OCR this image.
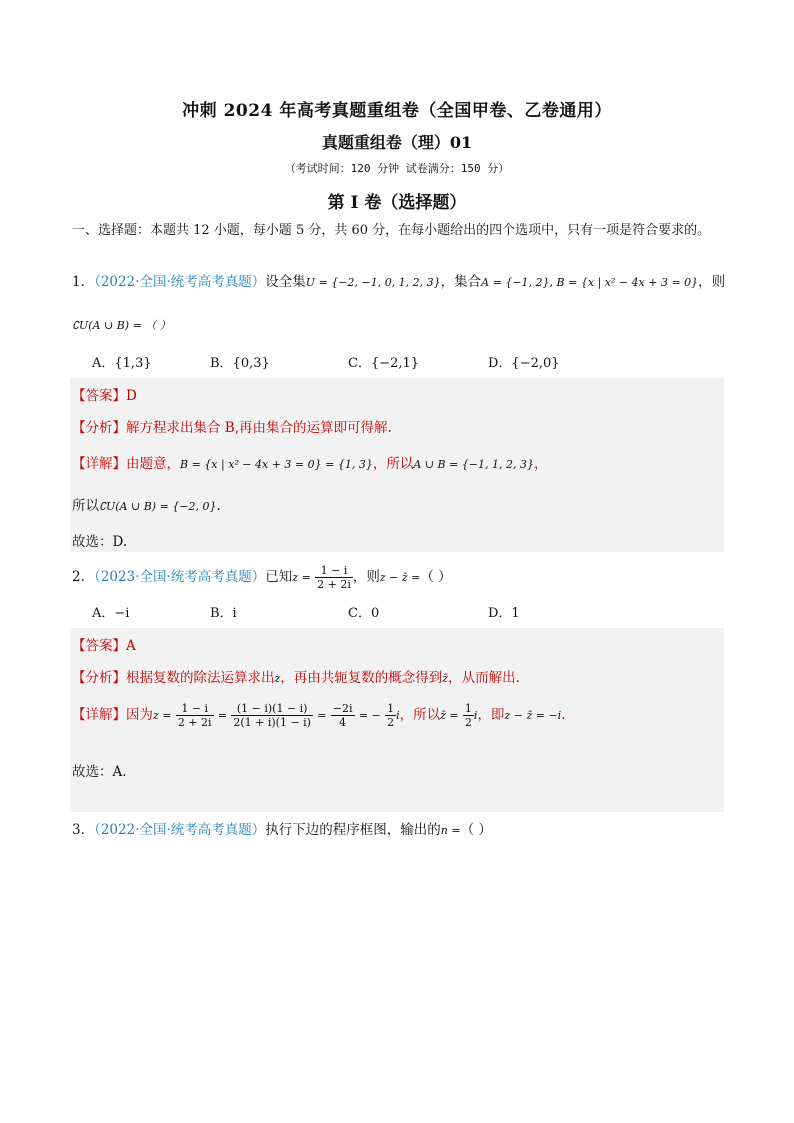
冲刺 2024 年高考真题重组卷（全国甲卷、乙卷通用）
真题重组卷（理）01
（考试时间：120 分钟 试卷满分：150 分）
第 I 卷（选择题）
一、选择题：本题共 12 小题，每小题 5 分，共 60 分，在每小题给出的四个选项中，只有一项是符合要求的。
1．（2022·全国·统考高考真题）设全集U = {−2, −1, 0, 1, 2, 3}，集合A = {−1, 2}, B = {x | x² − 4x + 3 = 0}，则
∁U(A ∪ B) = （ ）
A．{1,3}	B．{0,3}	C．{−2,1}	D．{−2,0}
【答案】D
【分析】解方程求出集合 B,再由集合的运算即可得解.
【详解】由题意，B = {x | x² − 4x + 3 = 0} = {1, 3}，所以A ∪ B = {−1, 1, 2, 3}，
所以∁U(A ∪ B) = {−2, 0}.
故选：D.
2．（2023·全国·统考高考真题）已知$z = \frac{1 - i}{2 + 2i}$ ，则z − z̄ =（ ）
A．−i	B．i	C．0	D．1
【答案】A
【分析】根据复数的除法运算求出z，再由共轭复数的概念得到z̄，从而解出.
【详解】因为$z = \frac{1 - i}{2 + 2i} = \frac{(1 - i)(1 - i)}{2(1 + i)(1 - i)} = \frac{-2i}{4}$ = − $\frac{1}{2}$ i，所以z̄ = $\frac{1}{2}$ i，即z − z̄ = −i.
故选：A.
3．（2022·全国·统考高考真题）执行下边的程序框图，输出的n =（ ）
